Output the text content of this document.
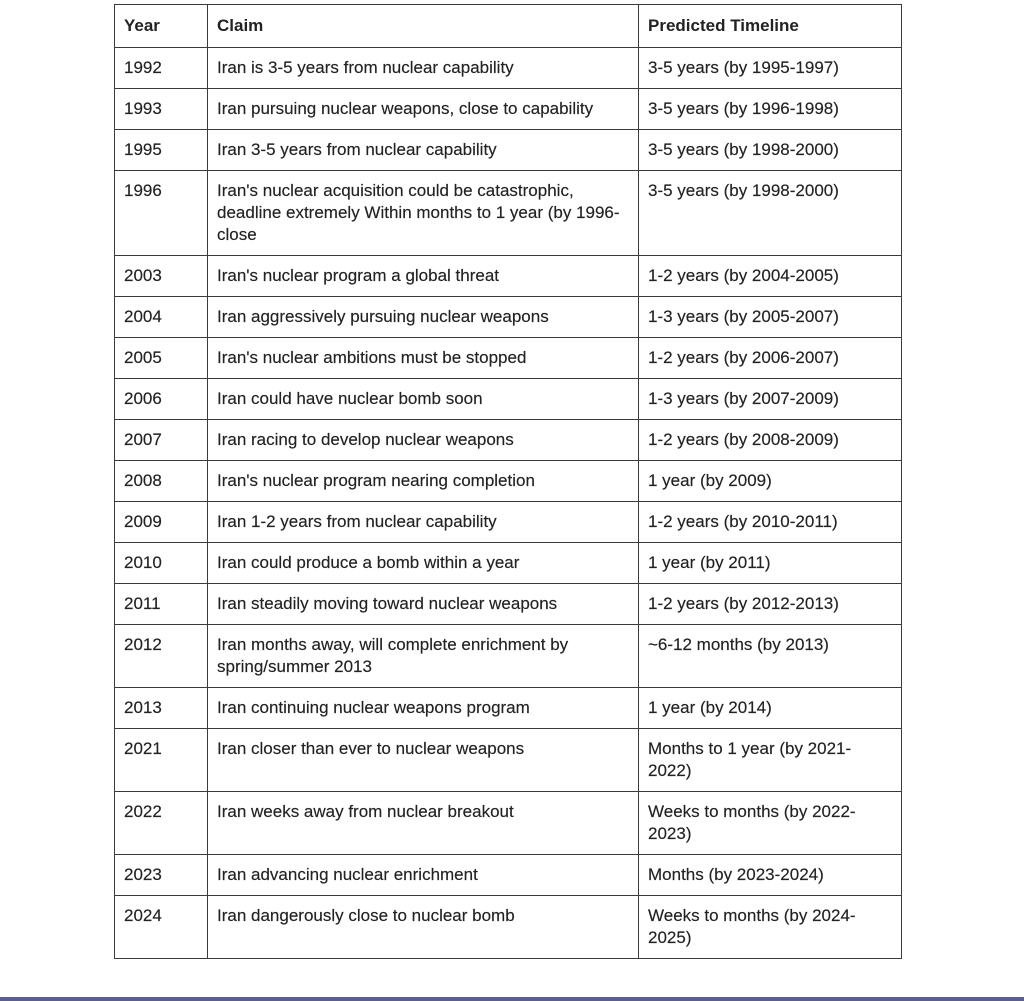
Year	Claim	Predicted Timeline
1992	Iran is 3-5 years from nuclear capability	3-5 years (by 1995-1997)
1993	Iran pursuing nuclear weapons, close to capability	3-5 years (by 1996-1998)
1995	Iran 3-5 years from nuclear capability	3-5 years (by 1998-2000)
1996	Iran's nuclear acquisition could be catastrophic, deadline extremely Within months to 1 year (by 1996-close	3-5 years (by 1998-2000)
2003	Iran's nuclear program a global threat	1-2 years (by 2004-2005)
2004	Iran aggressively pursuing nuclear weapons	1-3 years (by 2005-2007)
2005	Iran's nuclear ambitions must be stopped	1-2 years (by 2006-2007)
2006	Iran could have nuclear bomb soon	1-3 years (by 2007-2009)
2007	Iran racing to develop nuclear weapons	1-2 years (by 2008-2009)
2008	Iran's nuclear program nearing completion	1 year (by 2009)
2009	Iran 1-2 years from nuclear capability	1-2 years (by 2010-2011)
2010	Iran could produce a bomb within a year	1 year (by 2011)
2011	Iran steadily moving toward nuclear weapons	1-2 years (by 2012-2013)
2012	Iran months away, will complete enrichment by spring/summer 2013	~6-12 months (by 2013)
2013	Iran continuing nuclear weapons program	1 year (by 2014)
2021	Iran closer than ever to nuclear weapons	Months to 1 year (by 2021-2022)
2022	Iran weeks away from nuclear breakout	Weeks to months (by 2022-2023)
2023	Iran advancing nuclear enrichment	Months (by 2023-2024)
2024	Iran dangerously close to nuclear bomb	Weeks to months (by 2024-2025)
